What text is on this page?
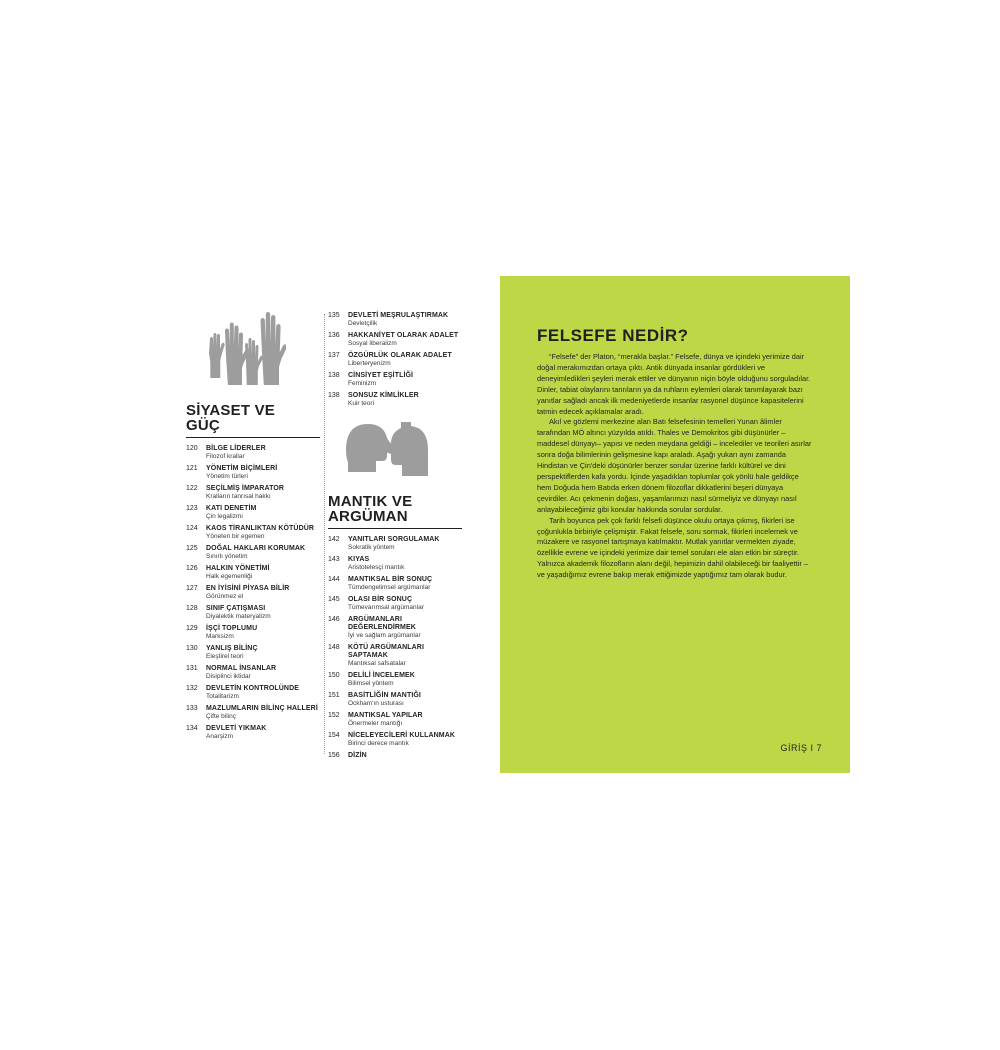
SİYASET VE
GÜÇ
120	BİLGE LİDERLER
Filozof krallar
121	YÖNETİM BİÇİMLERİ
Yönetim türleri
122	SEÇİLMİŞ İMPARATOR
Kralların tanrısal hakkı
123	KATI DENETİM
Çin legalizmi
124	KAOS TİRANLIKTAN KÖTÜDÜR
Yöneten bir egemen
125	DOĞAL HAKLARI KORUMAK
Sınırlı yönetim
126	HALKIN YÖNETİMİ
Halk egemenliği
127	EN İYİSİNİ PİYASA BİLİR
Görünmez el
128	SINIF ÇATIŞMASI
Diyalektik materyalizm
129	İŞÇİ TOPLUMU
Marksizm
130	YANLIŞ BİLİNÇ
Eleştirel teori
131	NORMAL İNSANLAR
Disiplinci iktidar
132	DEVLETİN KONTROLÜNDE
Totalitarizm
133	MAZLUMLARIN BİLİNÇ HALLERİ
Çifte bilinç
134	DEVLETİ YIKMAK
Anarşizm
135	DEVLETİ MEŞRULAŞTIRMAK
Devletçilik
136	HAKKANİYET OLARAK ADALET
Sosyal liberalizm
137	ÖZGÜRLÜK OLARAK ADALET
Liberteryenizm
138	CİNSİYET EŞİTLİĞİ
Feminizm
138	SONSUZ KİMLİKLER
Kuir teori
MANTIK VE
ARGÜMAN
142	YANITLARI SORGULAMAK
Sokratik yöntem
143	KIYAS
Aristotelesçi mantık
144	MANTIKSAL BİR SONUÇ
Tümdengelimsel argümanlar
145	OLASI BİR SONUÇ
Tümevarımsal argümanlar
146	ARGÜMANLARI DEĞERLENDİRMEK
İyi ve sağlam argümanlar
148	KÖTÜ ARGÜMANLARI SAPTAMAK
Mantıksal safsatalar
150	DELİLİ İNCELEMEK
Bilimsel yöntem
151	BASİTLİĞİN MANTIĞI
Ockham'ın usturası
152	MANTIKSAL YAPILAR
Önermeler mantığı
154	NİCELEYECİLERİ KULLANMAK
Birinci derece mantık
156	DİZİN
FELSEFE NEDİR?

“Felsefe” der Platon, “merakla başlar.” Felsefe, dünya ve içindeki yerimize dair doğal merakımızdan ortaya çıktı. Antik dünyada insanlar gördükleri ve deneyimledikleri şeyleri merak ettiler ve dünyanın niçin böyle olduğunu sorguladılar. Dinler, tabiat olaylarını tanrıların ya da ruhların eylemleri olarak tanımlayarak bazı yanıtlar sağladı ancak ilk medeniyetlerde insanlar rasyonel düşünce kapasitelerini tatmin edecek açıklamalar aradı.

Akıl ve gözlemi merkezine alan Batı felsefesinin temelleri Yunan âlimler tarafından MÖ altıncı yüzyılda atıldı. Thales ve Demokritos gibi düşünürler –maddesel dünyayı– yapısı ve neden meydana geldiği – incelediler ve teorileri asırlar sonra doğa bilimlerinin gelişmesine kapı araladı. Aşağı yukarı aynı zamanda Hindistan ve Çin'deki düşünürler benzer sorular üzerine farklı kültürel ve dini perspektiflerden kafa yordu. İçinde yaşadıkları toplumlar çok yönlü hale geldikçe hem Doğuda hem Batıda erken dönem filozoflar dikkatlerini beşeri dünyaya çevirdiler. Acı çekmenin doğası, yaşamlarımızı nasıl sürmeliyiz ve dünyayı nasıl anlayabileceğimiz gibi konular hakkında sorular sordular.

Tarih boyunca pek çok farklı felsefi düşünce okulu ortaya çıkmış, fikirleri ise çoğunlukla birbiriyle çelişmiştir. Fakat felsefe, soru sormak, fikirleri incelemek ve müzakere ve rasyonel tartışmaya katılmaktır. Mutlak yanıtlar vermekten ziyade, özellikle evrene ve içindeki yerimize dair temel soruları ele alan etkin bir süreçtir. Yalnızca akademik filozofların alanı değil, hepimizin dahil olabileceği bir faaliyettir – ve yaşadığımız evrene bakıp merak ettiğimizde yaptığımız tam olarak budur.

GİRİŞ I 7
